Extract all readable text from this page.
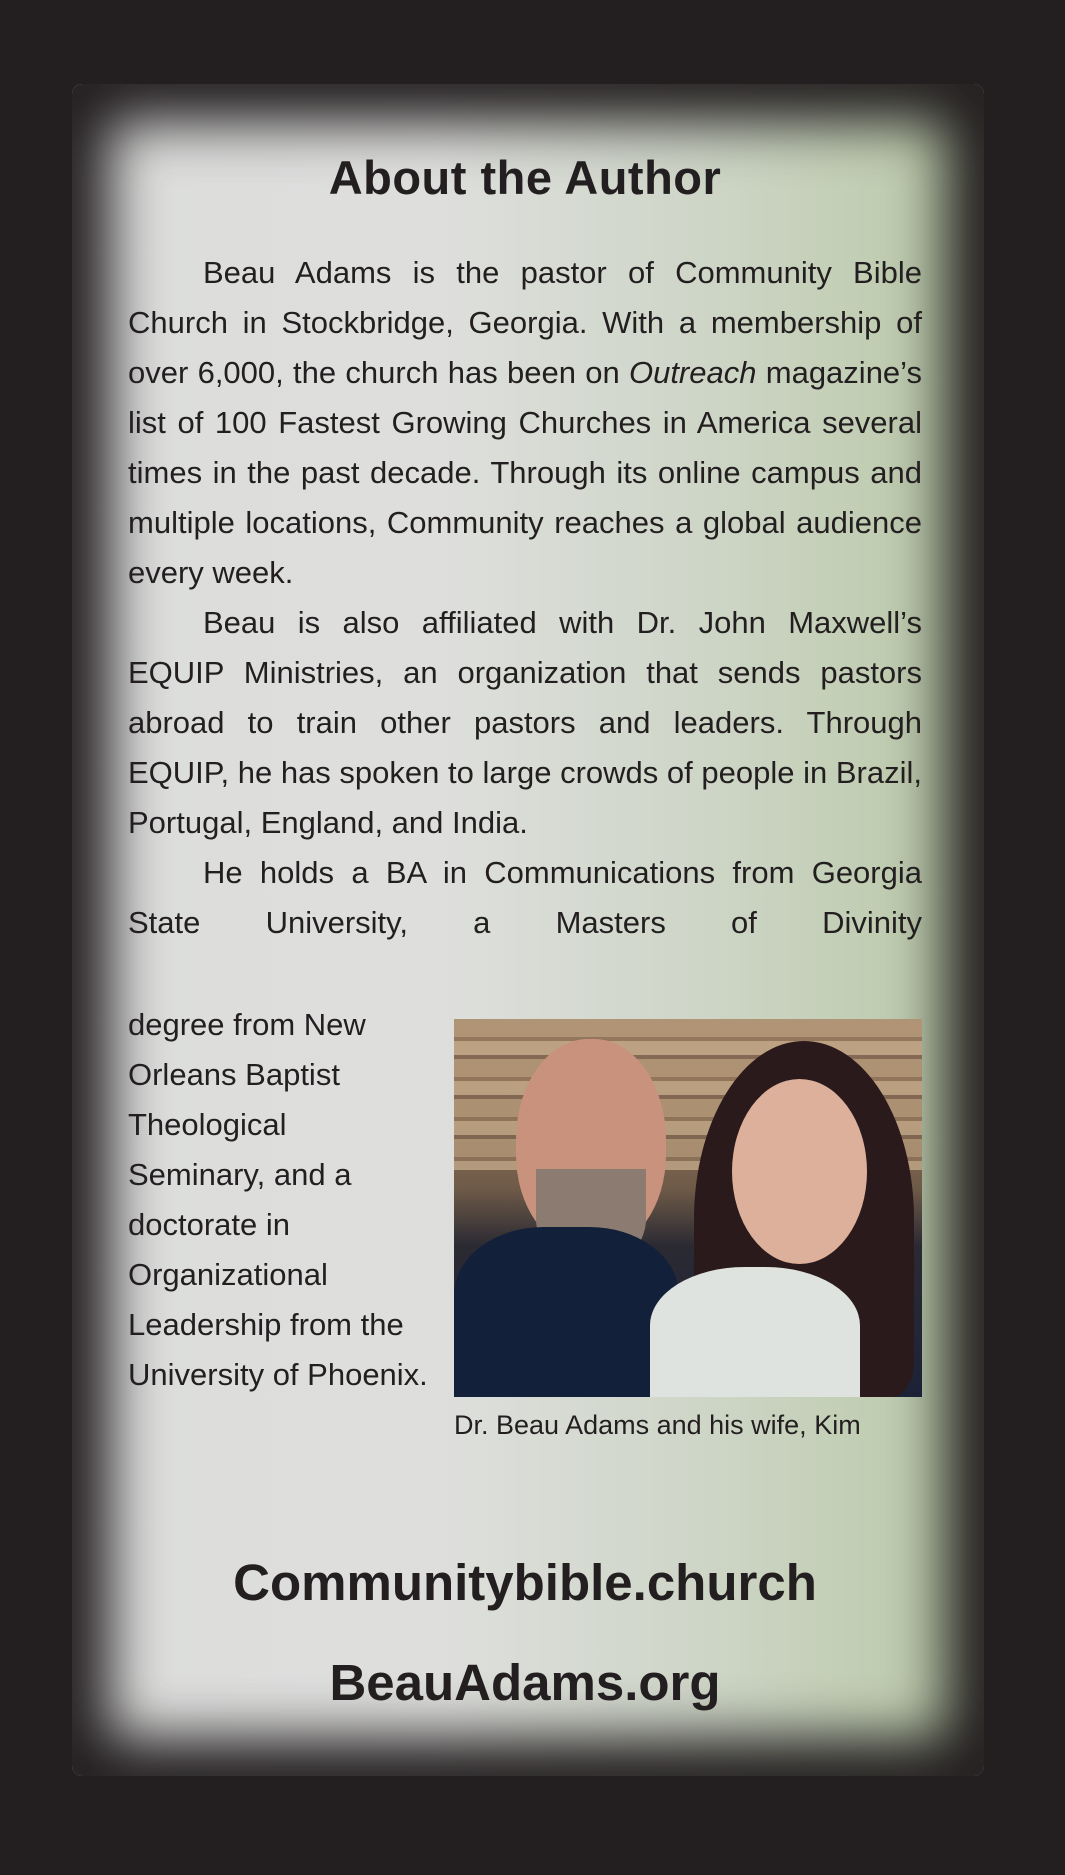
About the Author

Beau Adams is the pastor of Community Bible Church in Stockbridge, Georgia. With a membership of over 6,000, the church has been on Outreach magazine’s list of 100 Fastest Growing Churches in America several times in the past decade. Through its online campus and multiple locations, Community reaches a global audience every week.

Beau is also affiliated with Dr. John Maxwell’s EQUIP Ministries, an organization that sends pastors abroad to train other pastors and leaders. Through EQUIP, he has spoken to large crowds of people in Brazil, Portugal, England, and India.

He holds a BA in Communications from Georgia State University, a Masters of Divinity

degree from New Orleans Baptist Theological Seminary, and a doctorate in Organizational Leadership from the University of Phoenix.
Dr. Beau Adams and his wife, Kim
Communitybible.church
BeauAdams.org
